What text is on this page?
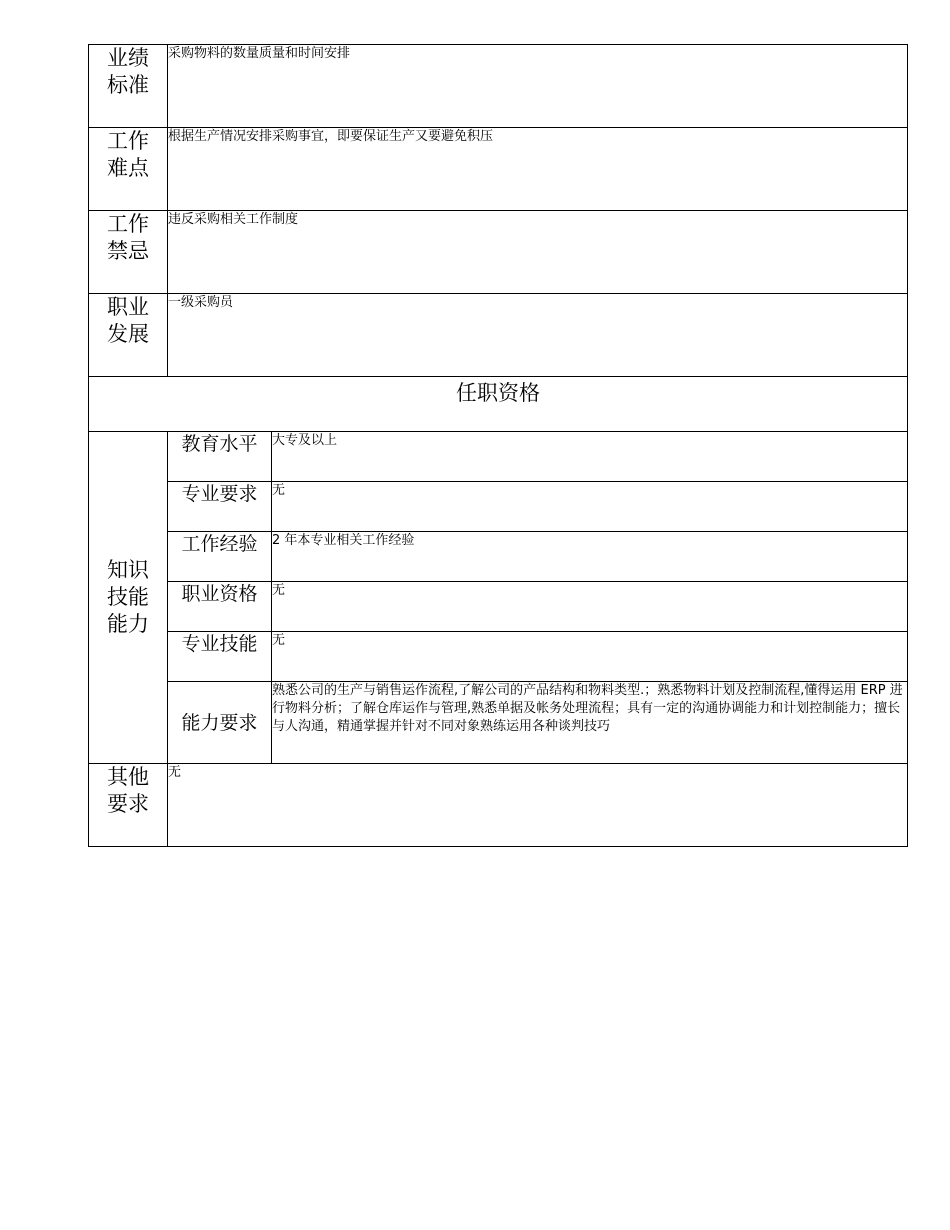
业绩
标准	采购物料的数量质量和时间安排	

工作
难点	根据生产情况安排采购事宜，即要保证生产又要避免积压	

工作
禁忌	违反采购相关工作制度	

职业
发展	一级采购员	

任职资格		

知识
技能
能力	教育水平	大专及以上
	专业要求	无
	工作经验	2 年本专业相关工作经验
	职业资格	无
	专业技能	无
	能力要求	熟悉公司的生产与销售运作流程,了解公司的产品结构和物料类型.；熟悉物料计划及控制流程,懂得运用 ERP 进行物料分析；了解仓库运作与管理,熟悉单据及帐务处理流程；具有一定的沟通协调能力和计划控制能力；擅长与人沟通，精通掌握并针对不同对象熟练运用各种谈判技巧

其他
要求	无	
